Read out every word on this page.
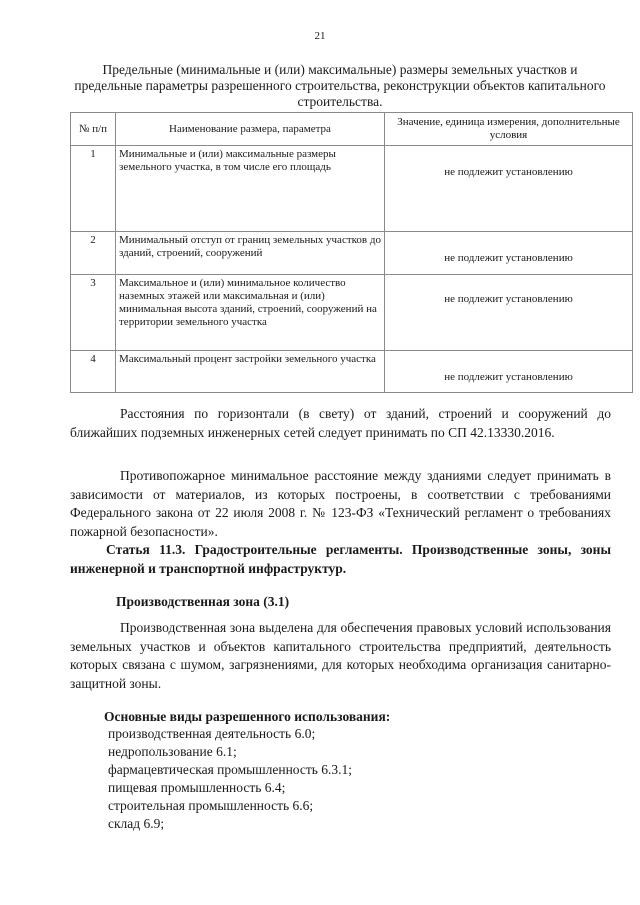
21
Предельные (минимальные и (или) максимальные) размеры земельных участков и предельные параметры разрешенного строительства, реконструкции объектов капитального строительства.
№ п/п	Наименование размера, параметра	Значение, единица измерения, дополнительные условия
1	Минимальные и (или) максимальные размеры земельного участка, в том числе его площадь	не подлежит установлению

2	Минимальный отступ от границ земельных участков до зданий, строений, сооружений	не подлежит установлению

3	Максимальное и (или) минимальное количество наземных этажей или максимальная и (или) минимальная высота зданий, строений, сооружений на территории земельного участка	не подлежит установлению

4	Максимальный процент застройки земельного участка	не подлежит установлению

Расстояния по горизонтали (в свету) от зданий, строений и сооружений до ближайших подземных инженерных сетей следует принимать по СП 42.13330.2016.

Противопожарное минимальное расстояние между зданиями следует принимать в зависимости от материалов, из которых построены, в соответствии с требованиями Федерального закона от 22 июля 2008 г. № 123-ФЗ «Технический регламент о требованиях пожарной безопасности».

Статья 11.3. Градостроительные регламенты. Производственные зоны, зоны инженерной и транспортной инфраструктур.

Производственная зона (3.1)

Производственная зона выделена для обеспечения правовых условий использования земельных участков и объектов капитального строительства предприятий, деятельность которых связана с шумом, загрязнениями, для которых необходима организация санитарно-защитной зоны.

Основные виды разрешенного использования:

производственная деятельность 6.0;
недропользование 6.1;
фармацевтическая промышленность 6.3.1;
пищевая промышленность 6.4;
строительная промышленность 6.6;
склад 6.9;
